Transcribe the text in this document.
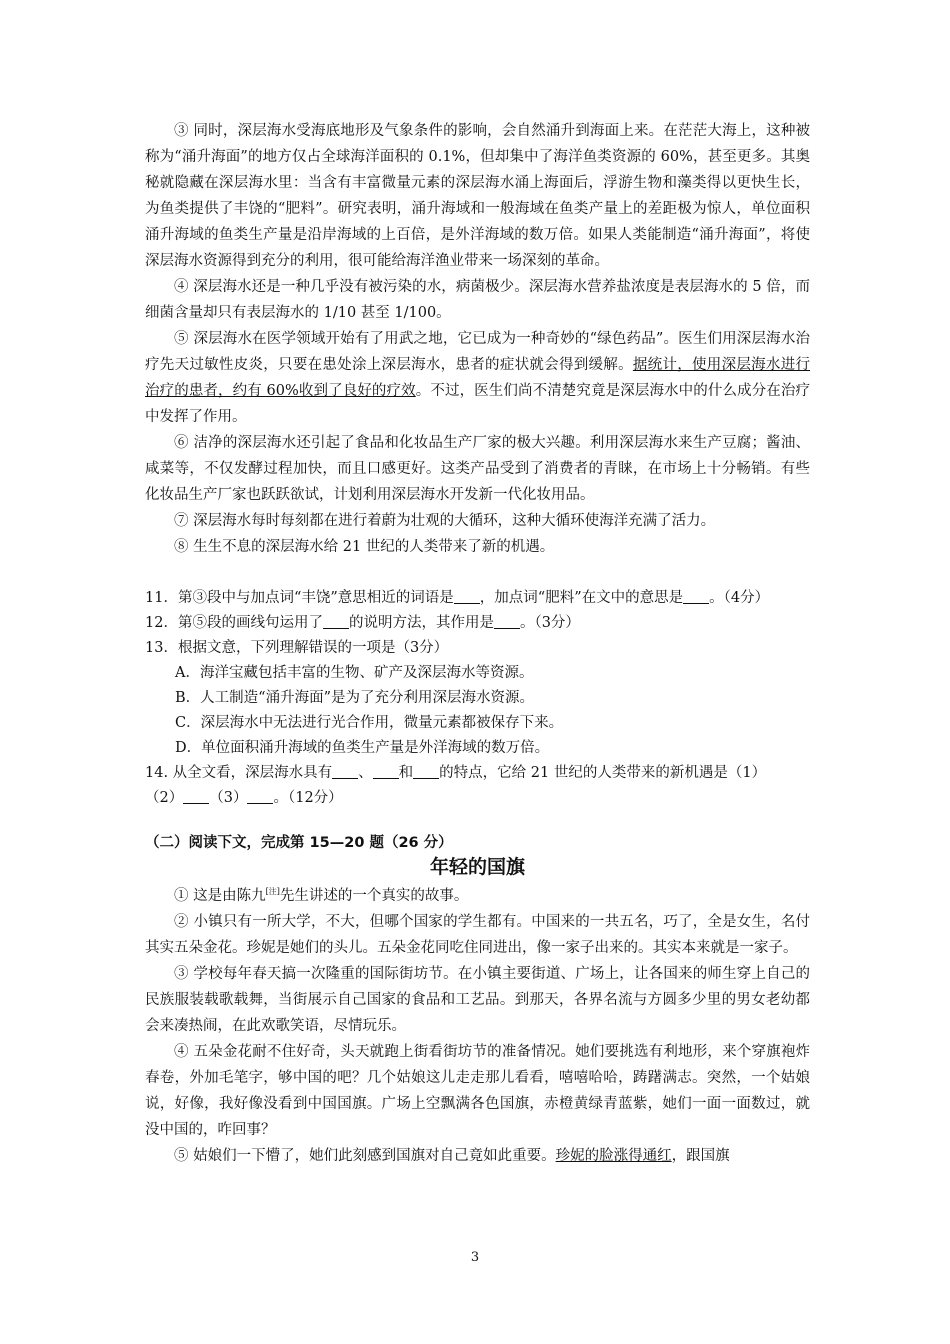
③ 同时，深层海水受海底地形及气象条件的影响，会自然涌升到海面上来。在茫茫大海上，这种被称为“涌升海面”的地方仅占全球海洋面积的 0.1%，但却集中了海洋鱼类资源的 60%，甚至更多。其奥秘就隐藏在深层海水里：当含有丰富微量元素的深层海水涌上海面后，浮游生物和藻类得以更快生长，为鱼类提供了丰饶的“肥料”。研究表明，涌升海域和一般海域在鱼类产量上的差距极为惊人，单位面积涌升海域的鱼类生产量是沿岸海域的上百倍，是外洋海域的数万倍。如果人类能制造“涌升海面”，将使深层海水资源得到充分的利用，很可能给海洋渔业带来一场深刻的革命。

④ 深层海水还是一种几乎没有被污染的水，病菌极少。深层海水营养盐浓度是表层海水的 5 倍，而细菌含量却只有表层海水的 1/10 甚至 1/100。

⑤ 深层海水在医学领域开始有了用武之地，它已成为一种奇妙的“绿色药品”。医生们用深层海水治疗先天过敏性皮炎，只要在患处涂上深层海水，患者的症状就会得到缓解。据统计，使用深层海水进行治疗的患者，约有 60%收到了良好的疗效。不过，医生们尚不清楚究竟是深层海水中的什么成分在治疗中发挥了作用。

⑥ 洁净的深层海水还引起了食品和化妆品生产厂家的极大兴趣。利用深层海水来生产豆腐；酱油、咸菜等，不仅发酵过程加快，而且口感更好。这类产品受到了消费者的青睐，在市场上十分畅销。有些化妆品生产厂家也跃跃欲试，计划利用深层海水开发新一代化妆用品。

⑦ 深层海水每时每刻都在进行着蔚为壮观的大循环，这种大循环使海洋充满了活力。

⑧ 生生不息的深层海水给 21 世纪的人类带来了新的机遇。

11．第③段中与加点词“丰饶”意思相近的词语是 ，加点词“肥料”在文中的意思是 。（4分）

12．第⑤段的画线句运用了 的说明方法，其作用是 。（3分）

13．根据文意，下列理解错误的一项是（3分）

A．海洋宝藏包括丰富的生物、矿产及深层海水等资源。

B．人工制造“涌升海面”是为了充分利用深层海水资源。

C．深层海水中无法进行光合作用，微量元素都被保存下来。

D．单位面积涌升海域的鱼类生产量是外洋海域的数万倍。

14. 从全文看，深层海水具有 、 和 的特点，它给 21 世纪的人类带来的新机遇是（1）
（2） （3） 。（12分）

（二）阅读下文，完成第 15—20 题（26 分）

年轻的国旗

① 这是由陈九[注]先生讲述的一个真实的故事。

② 小镇只有一所大学，不大，但哪个国家的学生都有。中国来的一共五名，巧了，全是女生，名付其实五朵金花。珍妮是她们的头儿。五朵金花同吃住同进出，像一家子出来的。其实本来就是一家子。

③ 学校每年春天搞一次隆重的国际街坊节。在小镇主要街道、广场上，让各国来的师生穿上自己的民族服装载歌载舞，当街展示自己国家的食品和工艺品。到那天，各界名流与方圆多少里的男女老幼都会来凑热闹，在此欢歌笑语，尽情玩乐。

④ 五朵金花耐不住好奇，头天就跑上街看街坊节的准备情况。她们要挑选有利地形，来个穿旗袍炸春卷，外加毛笔字，够中国的吧？几个姑娘这儿走走那儿看看，嘻嘻哈哈，踌躇满志。突然，一个姑娘说，好像，我好像没看到中国国旗。广场上空飘满各色国旗，赤橙黄绿青蓝紫，她们一面一面数过，就没中国的，咋回事？

⑤ 姑娘们一下懵了，她们此刻感到国旗对自己竟如此重要。珍妮的脸涨得通红，跟国旗

3
